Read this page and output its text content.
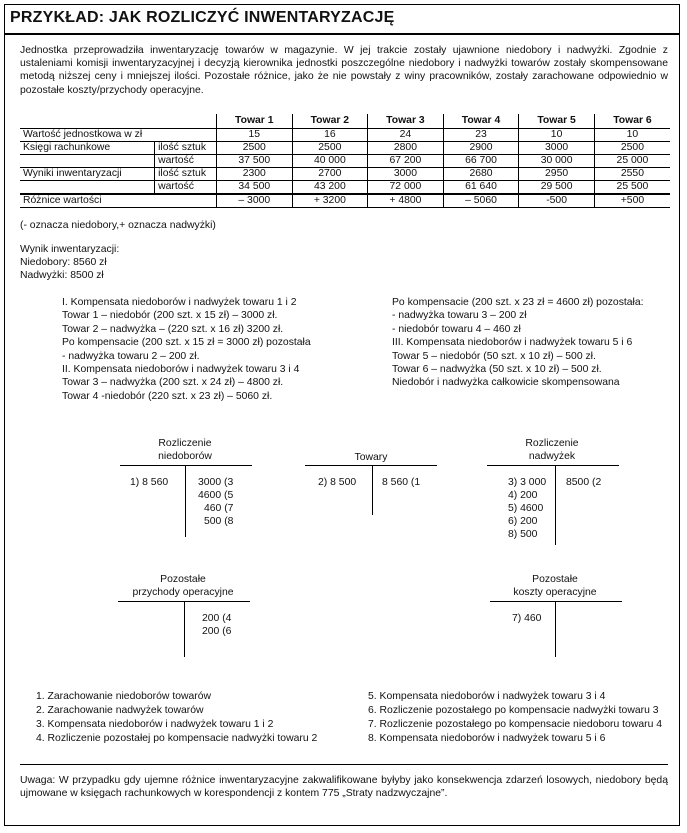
PRZYKŁAD: JAK ROZLICZYĆ INWENTARYZACJĘ
Jednostka przeprowadziła inwentaryzację towarów w magazynie. W jej trakcie zostały ujawnione niedobory i nadwyżki. Zgodnie z ustaleniami komisji inwentaryzacyjnej i decyzją kierownika jednostki poszczególne niedobory i nadwyżki towarów zostały skompensowane metodą niższej ceny i mniejszej ilości. Pozostałe różnice, jako że nie powstały z winy pracowników, zostały zarachowane odpowiednio w pozostałe koszty/przychody operacyjne.
		Towar 1	Towar 2	Towar 3	Towar 4	Towar 5	Towar 6
Wartość jednostkowa w zł		15	16	24	23	10	10
Księgi rachunkowe	ilość sztuk	2500	2500	2800	2900	3000	2500
	wartość	37 500	40 000	67 200	66 700	30 000	25 000
Wyniki inwentaryzacji	ilość sztuk	2300	2700	3000	2680	2950	2550
	wartość	34 500	43 200	72 000	61 640	29 500	25 500
Różnice wartości		– 3000	+ 3200	+ 4800	– 5060	-500	+500
(- oznacza niedobory,+ oznacza nadwyżki)
Wynik inwentaryzacji:
Niedobory: 8560 zł
Nadwyżki: 8500 zł
I. Kompensata niedoborów i nadwyżek towaru 1 i 2
Towar 1 – niedobór (200 szt. x 15 zł) – 3000 zł.
Towar 2 – nadwyżka – (220 szt. x 16 zł) 3200 zł.
Po kompensacie (200 szt. x 15 zł = 3000 zł) pozostała
- nadwyżka towaru 2 – 200 zł.
II. Kompensata niedoborów i nadwyżek towaru 3 i 4
Towar 3 – nadwyżka (200 szt. x 24 zł) – 4800 zł.
Towar 4 -niedobór (220 szt. x 23 zł) – 5060 zł.
Po kompensacie (200 szt. x 23 zł = 4600 zł) pozostała:
- nadwyżka towaru 3 – 200 zł
- niedobór towaru 4 – 460 zł
III. Kompensata niedoborów i nadwyżek towaru 5 i 6
Towar 5 – niedobór (50 szt. x 10 zł) – 500 zł.
Towar 6 – nadwyżka (50 szt. x 10 zł) – 500 zł.
Niedobór i nadwyżka całkowicie skompensowana
Rozliczenie
niedoborów
1) 8 560	3000 (3
4600 (5
460 (7
500 (8
Towary
2) 8 500 8 560 (1
Rozliczenie
nadwyżek
3) 3 000
4) 200
5) 4600
6) 200
8) 500
8500 (2
Pozostałe
przychody operacyjne
200 (4
200 (6
Pozostałe
koszty operacyjne
7) 460
1. Zarachowanie niedoborów towarów
2. Zarachowanie nadwyżek towarów
3. Kompensata niedoborów i nadwyżek towaru 1 i 2
4. Rozliczenie pozostałej po kompensacie nadwyżki towaru 2
5. Kompensata niedoborów i nadwyżek towaru 3 i 4
6. Rozliczenie pozostałego po kompensacie nadwyżki towaru 3
7. Rozliczenie pozostałego po kompensacie niedoboru towaru 4
8. Kompensata niedoborów i nadwyżek towaru 5 i 6
Uwaga: W przypadku gdy ujemne różnice inwentaryzacyjne zakwalifikowane byłyby jako konsekwencja zdarzeń losowych, niedobory będą ujmowane w księgach rachunkowych w korespondencji z kontem 775 „Straty nadzwyczajne”.
